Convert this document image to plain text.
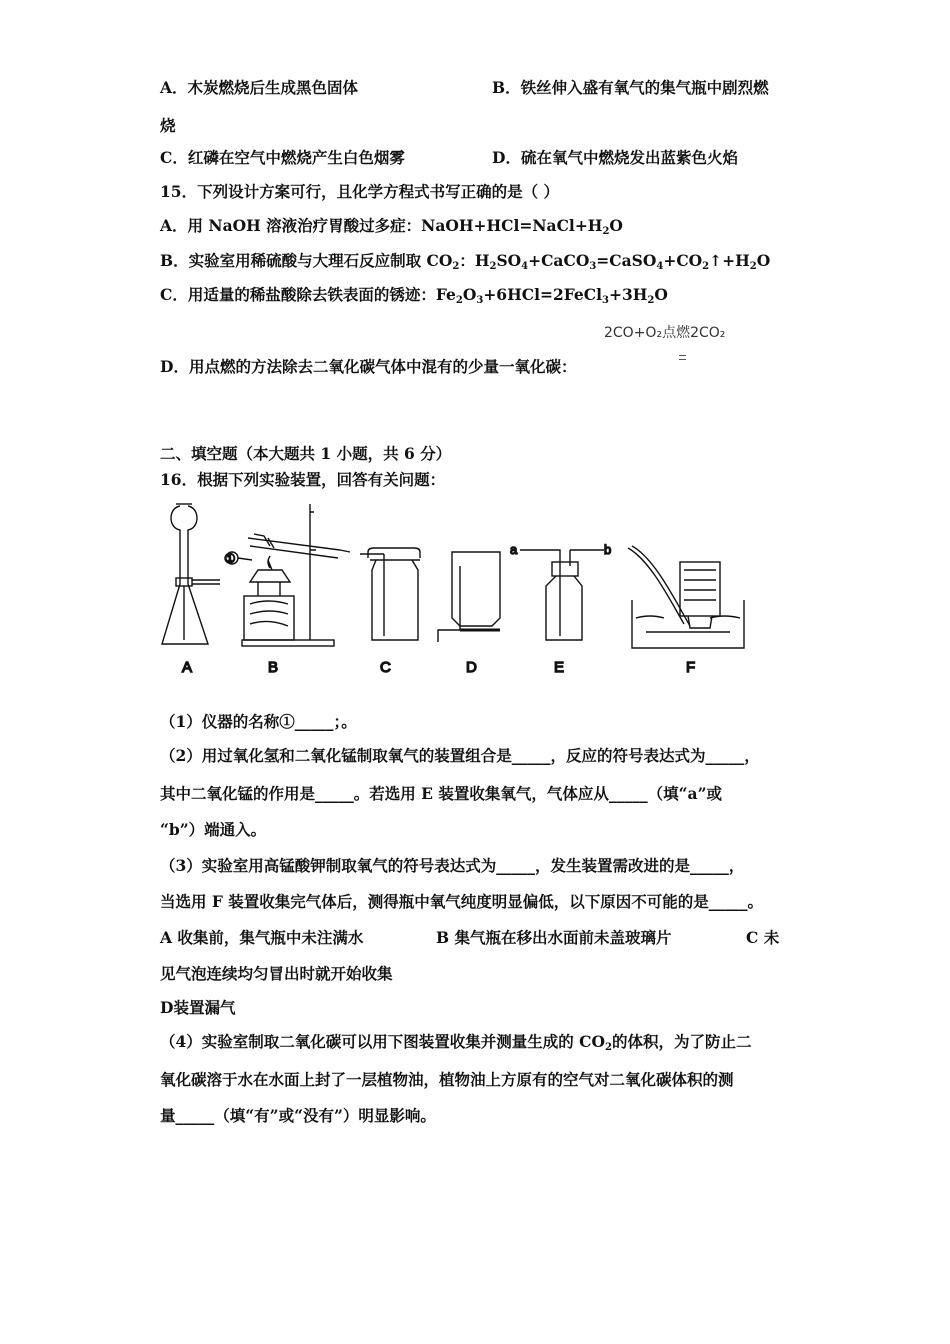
A．木炭燃烧后生成黑色固体	B．铁丝伸入盛有氧气的集气瓶中剧烈燃
烧
C．红磷在空气中燃烧产生白色烟雾	D．硫在氧气中燃烧发出蓝紫色火焰
15．下列设计方案可行，且化学方程式书写正确的是（ ）
A．用 NaOH 溶液治疗胃酸过多症：$NaOH+HCl=NaCl+H_2O$
B．实验室用稀硫酸与大理石反应制取 $CO_2$：$H_2SO_4+CaCO_3=CaSO_4+CO_2↑+H_2O$
C．用适量的稀盐酸除去铁表面的锈迹：$Fe_2O_3+6HCl=2FeCl_3+3H_2O$
2CO+O₂点燃2CO₂
D．用点燃的方法除去二氧化碳气体中混有的少量一氧化碳：
二、填空题（本大题共 1 小题，共 6 分）
16．根据下列实验装置，回答有关问题：
A	B	C	D	E	F
①
a	b
（1）仪器的名称①_____；。
（2）用过氧化氢和二氧化锰制取氧气的装置组合是_____，反应的符号表达式为_____，
其中二氧化锰的作用是_____。若选用 E 装置收集氧气，气体应从_____（填“a”或
“b”）端通入。
（3）实验室用高锰酸钾制取氧气的符号表达式为_____，发生装置需改进的是_____，
当选用 F 装置收集完气体后，测得瓶中氧气纯度明显偏低，以下原因不可能的是_____。
A 收集前，集气瓶中未注满水	B 集气瓶在移出水面前未盖玻璃片	C 未
见气泡连续均匀冒出时就开始收集
D装置漏气
（4）实验室制取二氧化碳可以用下图装置收集并测量生成的 $CO_2$的体积，为了防止二
氧化碳溶于水在水面上封了一层植物油，植物油上方原有的空气对二氧化碳体积的测
量_____（填“有”或“没有”）明显影响。
